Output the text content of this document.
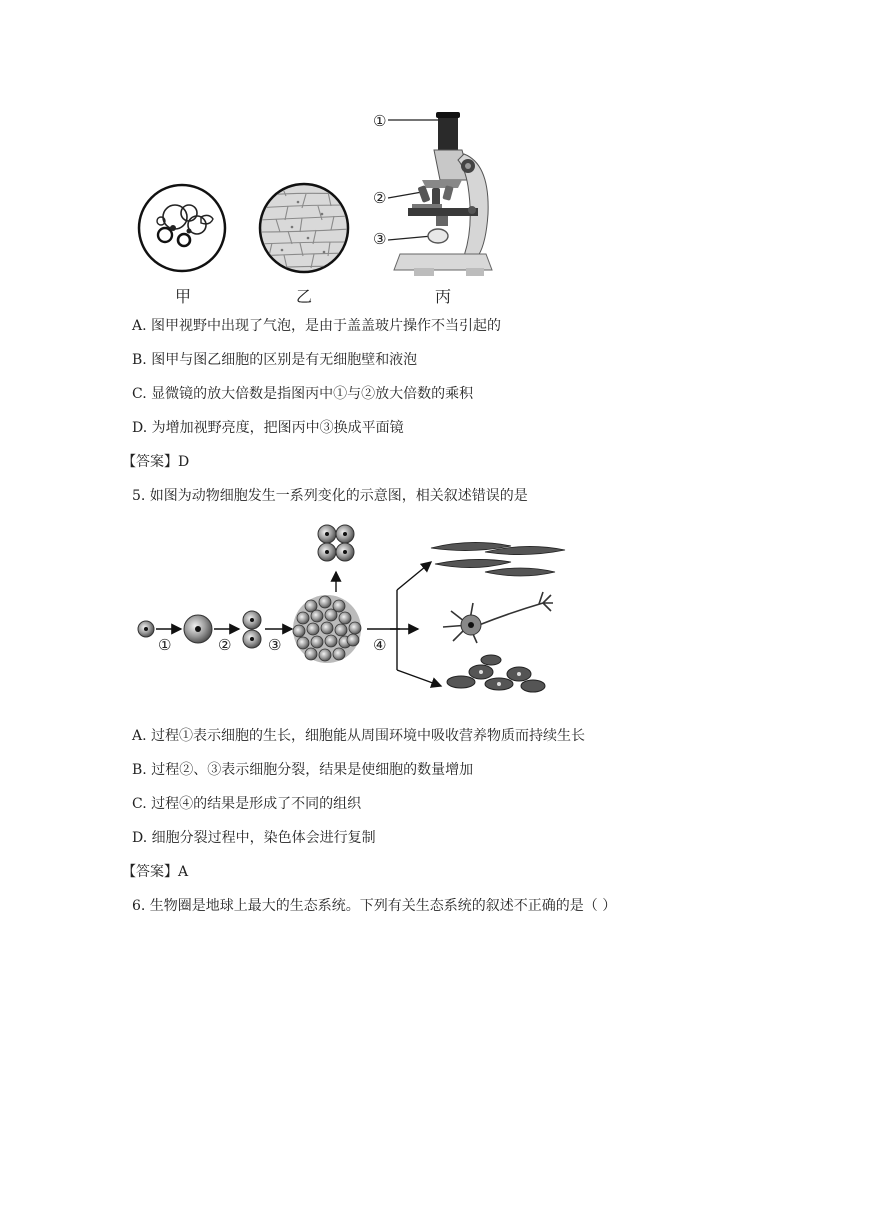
①
②
③
甲	乙	丙
A. 图甲视野中出现了气泡，是由于盖盖玻片操作不当引起的
B. 图甲与图乙细胞的区别是有无细胞壁和液泡
C. 显微镜的放大倍数是指图丙中①与②放大倍数的乘积
D. 为增加视野亮度，把图丙中③换成平面镜
【答案】D
5. 如图为动物细胞发生一系列变化的示意图，相关叙述错误的是
①	② ③	④
A. 过程①表示细胞的生长，细胞能从周围环境中吸收营养物质而持续生长
B. 过程②、③表示细胞分裂，结果是使细胞的数量增加
C. 过程④的结果是形成了不同的组织
D. 细胞分裂过程中，染色体会进行复制
【答案】A
6. 生物圈是地球上最大的生态系统。下列有关生态系统的叙述不正确的是（ ）
